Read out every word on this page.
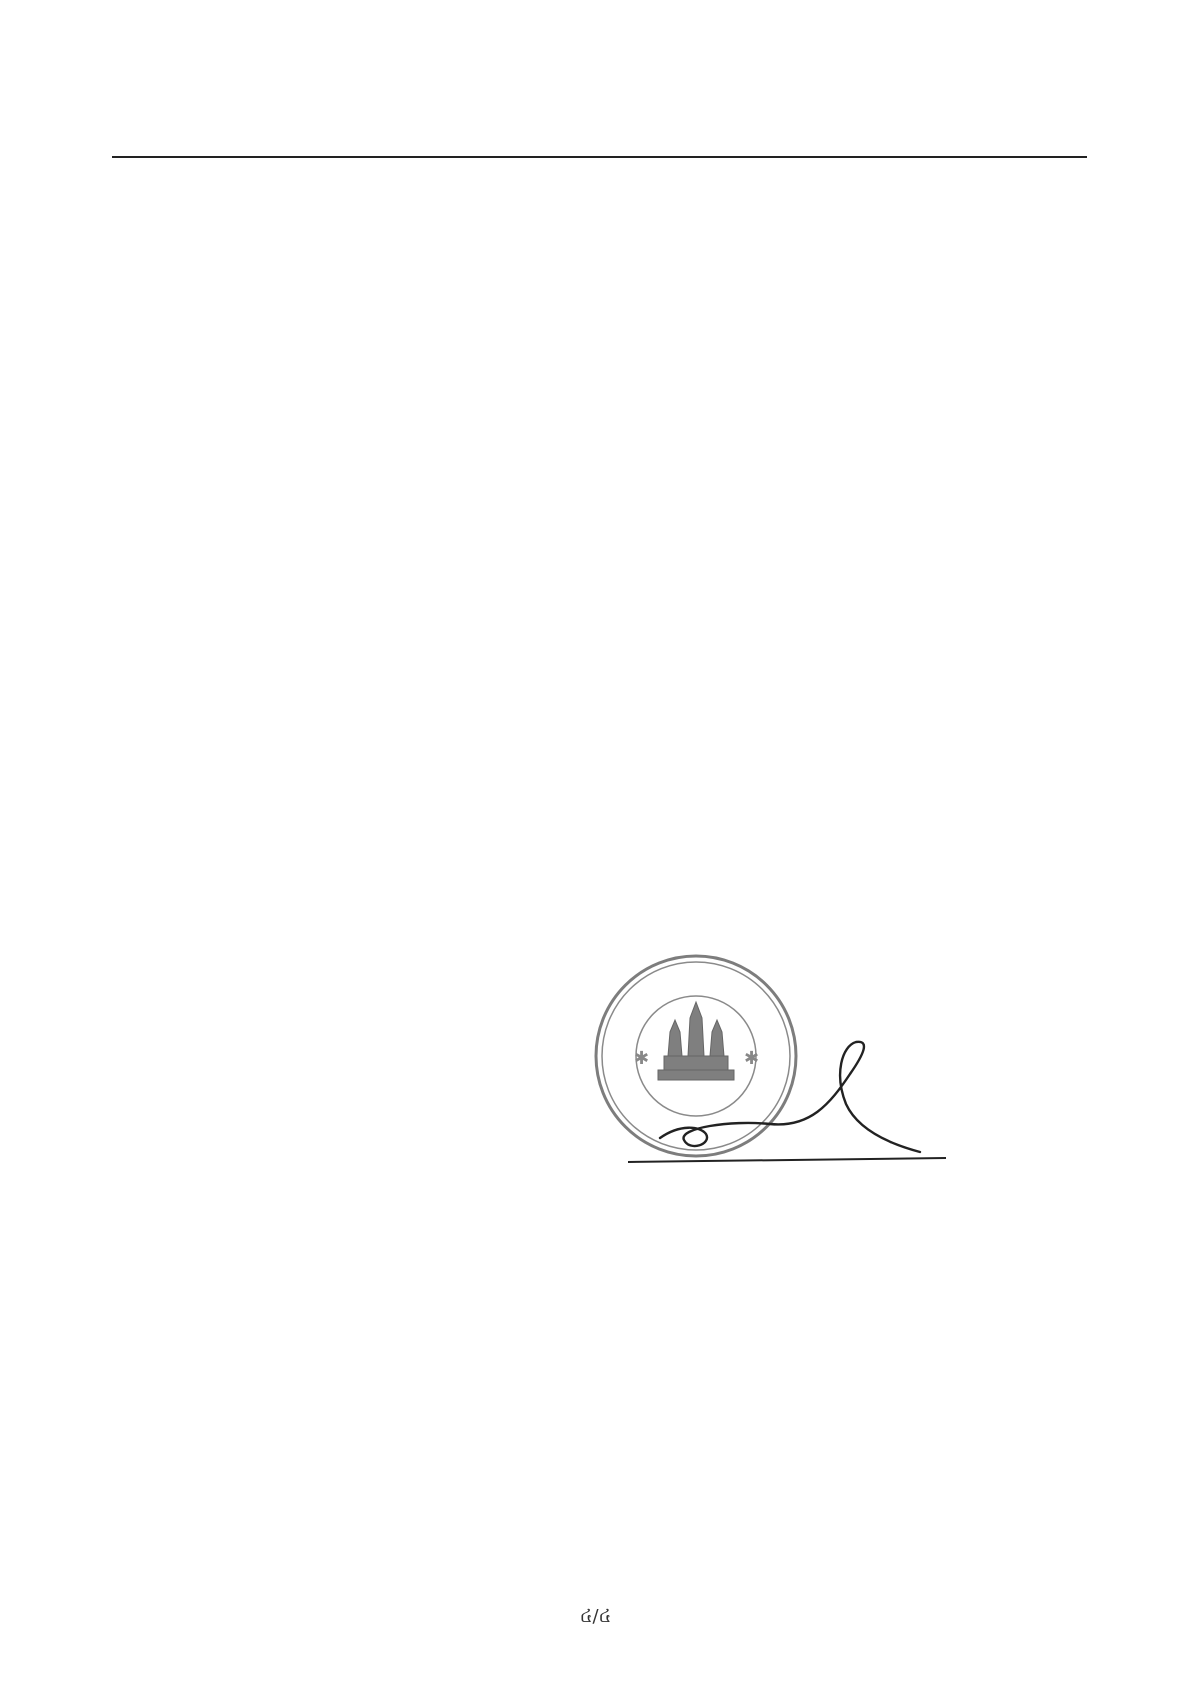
✱	✱
៤/៤
